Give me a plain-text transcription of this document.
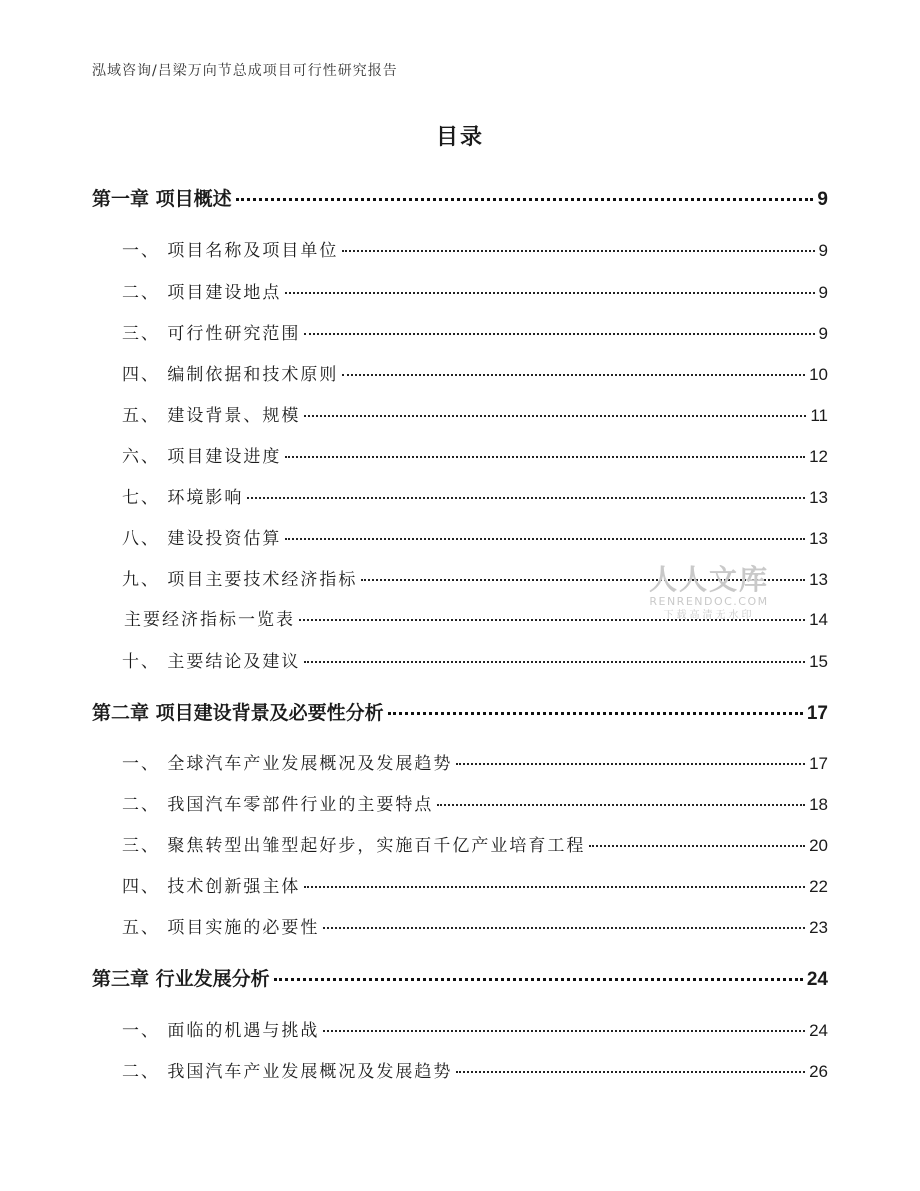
泓域咨询/吕梁万向节总成项目可行性研究报告
目录
第一章 项目概述	9
一、 项目名称及项目单位	9
二、 项目建设地点	9
三、 可行性研究范围	9
四、 编制依据和技术原则	10
五、 建设背景、规模	11
六、 项目建设进度	12
七、 环境影响	13
八、 建设投资估算	13
九、 项目主要技术经济指标	13
主要经济指标一览表	14
十、 主要结论及建议	15
第二章 项目建设背景及必要性分析	17
一、 全球汽车产业发展概况及发展趋势	17
二、 我国汽车零部件行业的主要特点	18
三、 聚焦转型出雏型起好步，实施百千亿产业培育工程	20
四、 技术创新强主体	22
五、 项目实施的必要性	23
第三章 行业发展分析	24
一、 面临的机遇与挑战	24
二、 我国汽车产业发展概况及发展趋势	26
人人文库
RENRENDOC.COM
下载高清无水印
